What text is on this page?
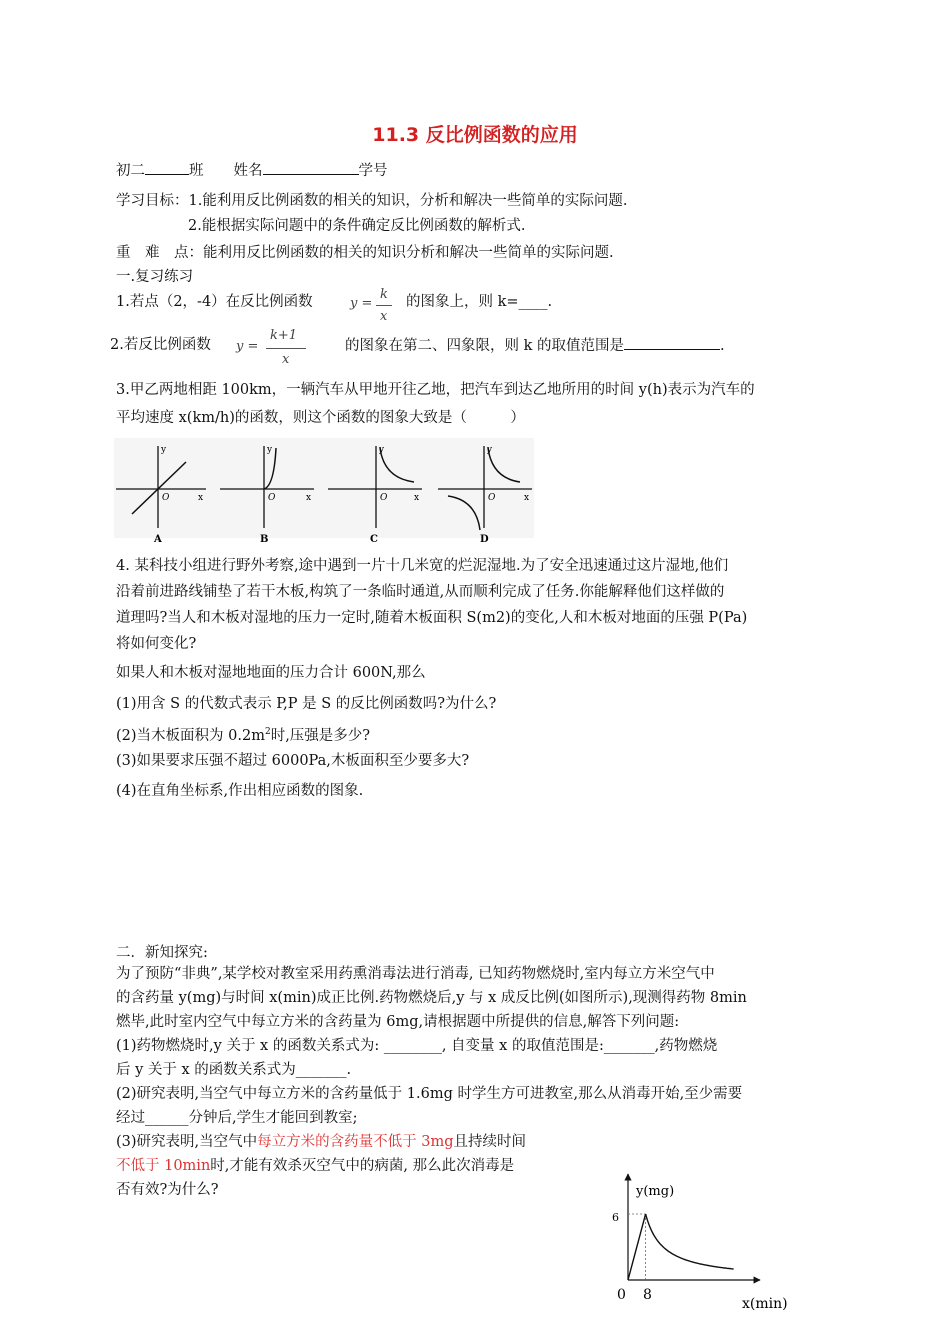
11.3 反比例函数的应用
初二	班 姓名	学号
学习目标：1.能利用反比例函数的相关的知识，分析和解决一些简单的实际问题.
2.能根据实际问题中的条件确定反比例函数的解析式.
重　难　点：能利用反比例函数的相关的知识分析和解决一些简单的实际问题.
一.复习练习
1.若点（2，-4）在反比例函数	y =
k
x
的图象上，则 k=____.
2.若反比例函数 y =
k+1
x
的图象在第二、四象限，则 k 的取值范围是	.
3.甲乙两地相距 100km，一辆汽车从甲地开往乙地，把汽车到达乙地所用的时间 y(h)表示为汽车的
平均速度 x(km/h)的函数，则这个函数的图象大致是（　　　）
y
O	x
A
y
O	x
B
y
O	x
C
y
O	x
D
4. 某科技小组进行野外考察,途中遇到一片十几米宽的烂泥湿地.为了安全迅速通过这片湿地,他们
沿着前进路线铺垫了若干木板,构筑了一条临时通道,从而顺利完成了任务.你能解释他们这样做的
道理吗?当人和木板对湿地的压力一定时,随着木板面积 S(m2)的变化,人和木板对地面的压强 P(Pa)
将如何变化?
如果人和木板对湿地地面的压力合计 600N,那么
(1)用含 S 的代数式表示 P,P 是 S 的反比例函数吗?为什么?
(2)当木板面积为 $0.2m^2$时,压强是多少?
(3)如果要求压强不超过 6000Pa,木板面积至少要多大?
(4)在直角坐标系,作出相应函数的图象.
二．新知探究:
为了预防“非典”,某学校对教室采用药熏消毒法进行消毒, 已知药物燃烧时,室内每立方米空气中
的含药量 y(mg)与时间 x(min)成正比例.药物燃烧后,y 与 x 成反比例(如图所示),现测得药物 8min
燃毕,此时室内空气中每立方米的含药量为 6mg,请根据题中所提供的信息,解答下列问题:
(1)药物燃烧时,y 关于 x 的函数关系式为: ________, 自变量 x 的取值范围是:_______,药物燃烧
后 y 关于 x 的函数关系式为_______.
(2)研究表明,当空气中每立方米的含药量低于 1.6mg 时学生方可进教室,那么从消毒开始,至少需要
经过______分钟后,学生才能回到教室;
(3)研究表明,当空气中每立方米的含药量不低于 3mg且持续时间
不低于 10min时,才能有效杀灭空气中的病菌, 那么此次消毒是
否有效?为什么?	y(mg)
6
8
0
x(min)
